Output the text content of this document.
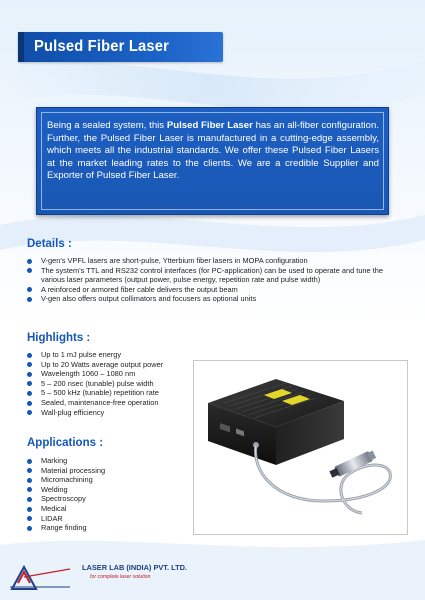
Pulsed Fiber Laser
Being a sealed system, this Pulsed Fiber Laser has an all-fiber configuration. Further, the Pulsed Fiber Laser is manufactured in a cutting-edge assembly, which meets all the industrial standards. We offer these Pulsed Fiber Lasers at the market leading rates to the clients. We are a credible Supplier and Exporter of Pulsed Fiber Laser.
Details :
V-gen's VPFL lasers are short-pulse, Ytterbium fiber lasers in MOPA configuration
The system's TTL and RS232 control interfaces (for PC-application) can be used to operate and tune the various laser parameters (output power, pulse energy, repetition rate and pulse width)
A reinforced or armored fiber cable delivers the output beam
V-gen also offers output collimators and focusers as optional units
Highlights :
Up to 1 mJ pulse energy
Up to 20 Watts average output power
Wavelength 1060 – 1080 nm
5 – 200 nsec (tunable) pulse width
5 – 500 kHz (tunable) repetition rate
Sealed, maintenance-free operation
Wall-plug efficiency
Applications :
Marking
Material processing
Micromachining
Welding
Spectroscopy
Medical
LIDAR
Range finding
LASER LAB (INDIA) PVT. LTD.
for complete laser solution
